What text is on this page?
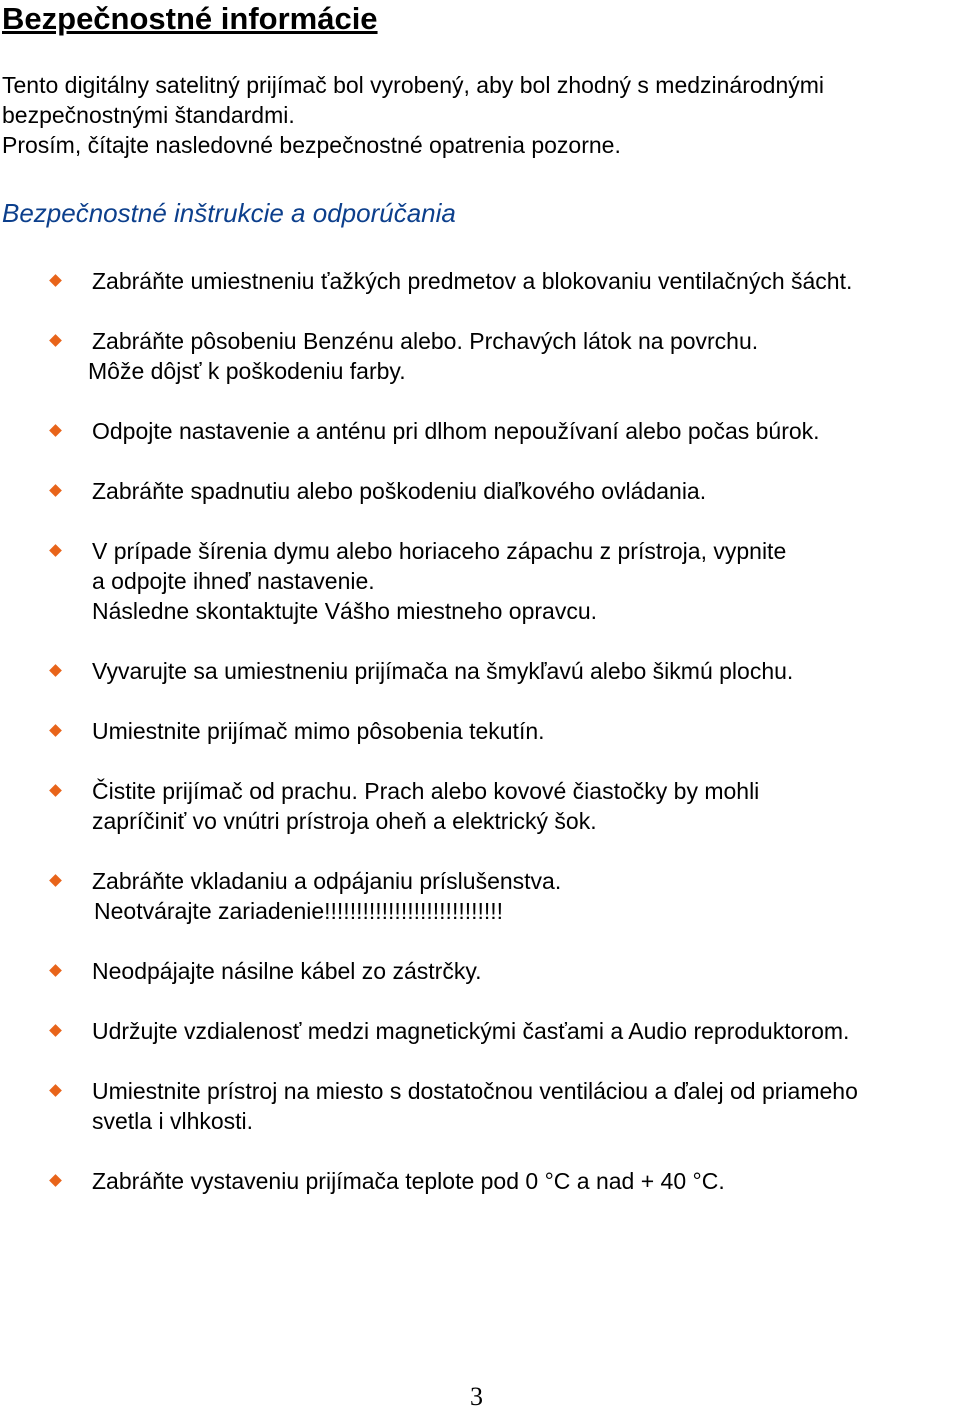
Bezpečnostné informácie

Tento digitálny satelitný prijímač bol vyrobený, aby bol zhodný s medzinárodnými

bezpečnostnými štandardmi.

Prosím, čítajte nasledovné bezpečnostné opatrenia pozorne.

Bezpečnostné inštrukcie a odporúčania

Zabráňte umiestneniu ťažkých predmetov a blokovaniu ventilačných šácht.

Zabráňte pôsobeniu Benzénu alebo. Prchavých látok na povrchu.

Môže dôjsť k poškodeniu farby.

Odpojte nastavenie a anténu pri dlhom nepoužívaní alebo počas búrok.

Zabráňte spadnutiu alebo poškodeniu diaľkového ovládania.

V prípade šírenia dymu alebo horiaceho zápachu z prístroja, vypnite

a odpojte ihneď nastavenie.

Následne skontaktujte Vášho miestneho opravcu.

Vyvarujte sa umiestneniu prijímača na šmykľavú alebo šikmú plochu.

Umiestnite prijímač mimo pôsobenia tekutín.

Čistite prijímač od prachu. Prach alebo kovové čiastočky by mohli

zapríčiniť vo vnútri prístroja oheň a elektrický šok.

Zabráňte vkladaniu a odpájaniu príslušenstva.

Neotvárajte zariadenie!!!!!!!!!!!!!!!!!!!!!!!!!!!!

Neodpájajte násilne kábel zo zástrčky.

Udržujte vzdialenosť medzi magnetickými časťami a Audio reproduktorom.

Umiestnite prístroj na miesto s dostatočnou ventiláciou a ďalej od priameho

svetla i vlhkosti.

Zabráňte vystaveniu prijímača teplote pod 0 °C a nad + 40 °C.

3
